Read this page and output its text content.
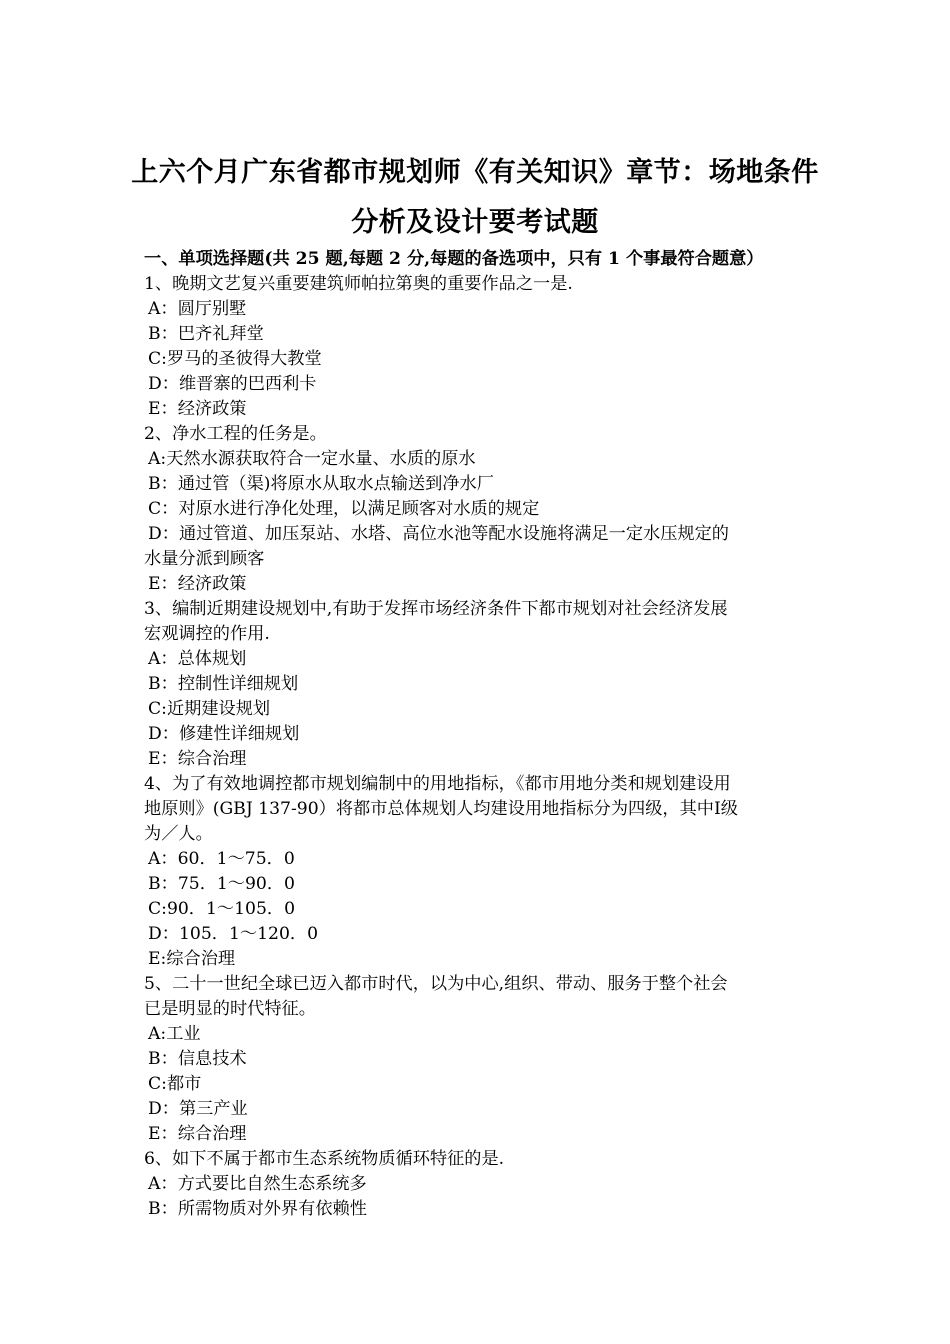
上六个月广东省都市规划师《有关知识》章节：场地条件
分析及设计要考试题
一、单项选择题(共 25 题,每题 2 分,每题的备选项中，只有 1 个事最符合题意）
1、晚期文艺复兴重要建筑师帕拉第奥的重要作品之一是.
A：圆厅别墅
B：巴齐礼拜堂
C:罗马的圣彼得大教堂
D：维晋寨的巴西利卡
E：经济政策
2、净水工程的任务是。
A:天然水源获取符合一定水量、水质的原水
B：通过管（渠)将原水从取水点输送到净水厂
C：对原水进行净化处理，以满足顾客对水质的规定
D：通过管道、加压泵站、水塔、高位水池等配水设施将满足一定水压规定的
水量分派到顾客
E：经济政策
3、编制近期建设规划中,有助于发挥市场经济条件下都市规划对社会经济发展
宏观调控的作用.
A：总体规划
B：控制性详细规划
C:近期建设规划
D：修建性详细规划
E：综合治理
4、为了有效地调控都市规划编制中的用地指标，《都市用地分类和规划建设用
地原则》(GBJ 137-90）将都市总体规划人均建设用地指标分为四级，其中Ⅰ级
为／人。
A：60．1～75．0
B：75．1～90．0
C:90．1～105．0
D：105．1～120．0
E:综合治理
5、二十一世纪全球已迈入都市时代，以为中心,组织、带动、服务于整个社会
已是明显的时代特征。
A:工业
B：信息技术
C:都市
D：第三产业
E：综合治理
6、如下不属于都市生态系统物质循环特征的是.
A：方式要比自然生态系统多
B：所需物质对外界有依赖性
